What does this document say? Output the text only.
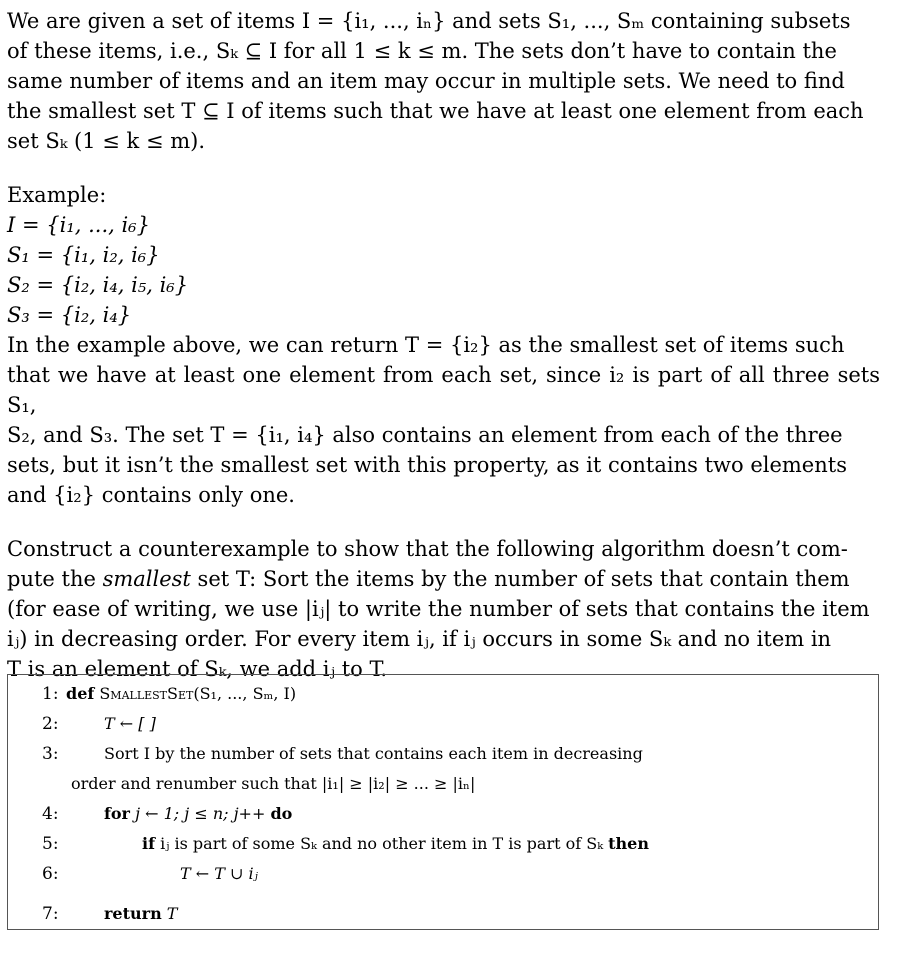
We are given a set of items I = {i₁, ..., iₙ} and sets S₁, ..., Sₘ containing subsets

of these items, i.e., Sₖ ⊆ I for all 1 ≤ k ≤ m. The sets don’t have to contain the

same number of items and an item may occur in multiple sets. We need to find

the smallest set T ⊆ I of items such that we have at least one element from each

set Sₖ (1 ≤ k ≤ m).

Example:

I = {i₁, ..., i₆}

S₁ = {i₁, i₂, i₆}

S₂ = {i₂, i₄, i₅, i₆}

S₃ = {i₂, i₄}

In the example above, we can return T = {i₂} as the smallest set of items such

that we have at least one element from each set, since i₂ is part of all three sets S₁,

S₂, and S₃. The set T = {i₁, i₄} also contains an element from each of the three

sets, but it isn’t the smallest set with this property, as it contains two elements

and {i₂} contains only one.

Construct a counterexample to show that the following algorithm doesn’t com-

pute the smallest set T: Sort the items by the number of sets that contain them

(for ease of writing, we use |iⱼ| to write the number of sets that contains the item

iⱼ) in decreasing order. For every item iⱼ, if iⱼ occurs in some Sₖ and no item in

T is an element of Sₖ, we add iⱼ to T.

1: def SmallestSet(S₁, ..., Sₘ, I)
2:	T ← [ ]
3:	Sort I by the number of sets that contains each item in decreasing
order and renumber such that |i₁| ≥ |i₂| ≥ ... ≥ |iₙ|
4:	for j ← 1; j ≤ n; j++ do
5:	if iⱼ is part of some Sₖ and no other item in T is part of Sₖ then
6:	T ← T ∪ iⱼ
7:	return T
